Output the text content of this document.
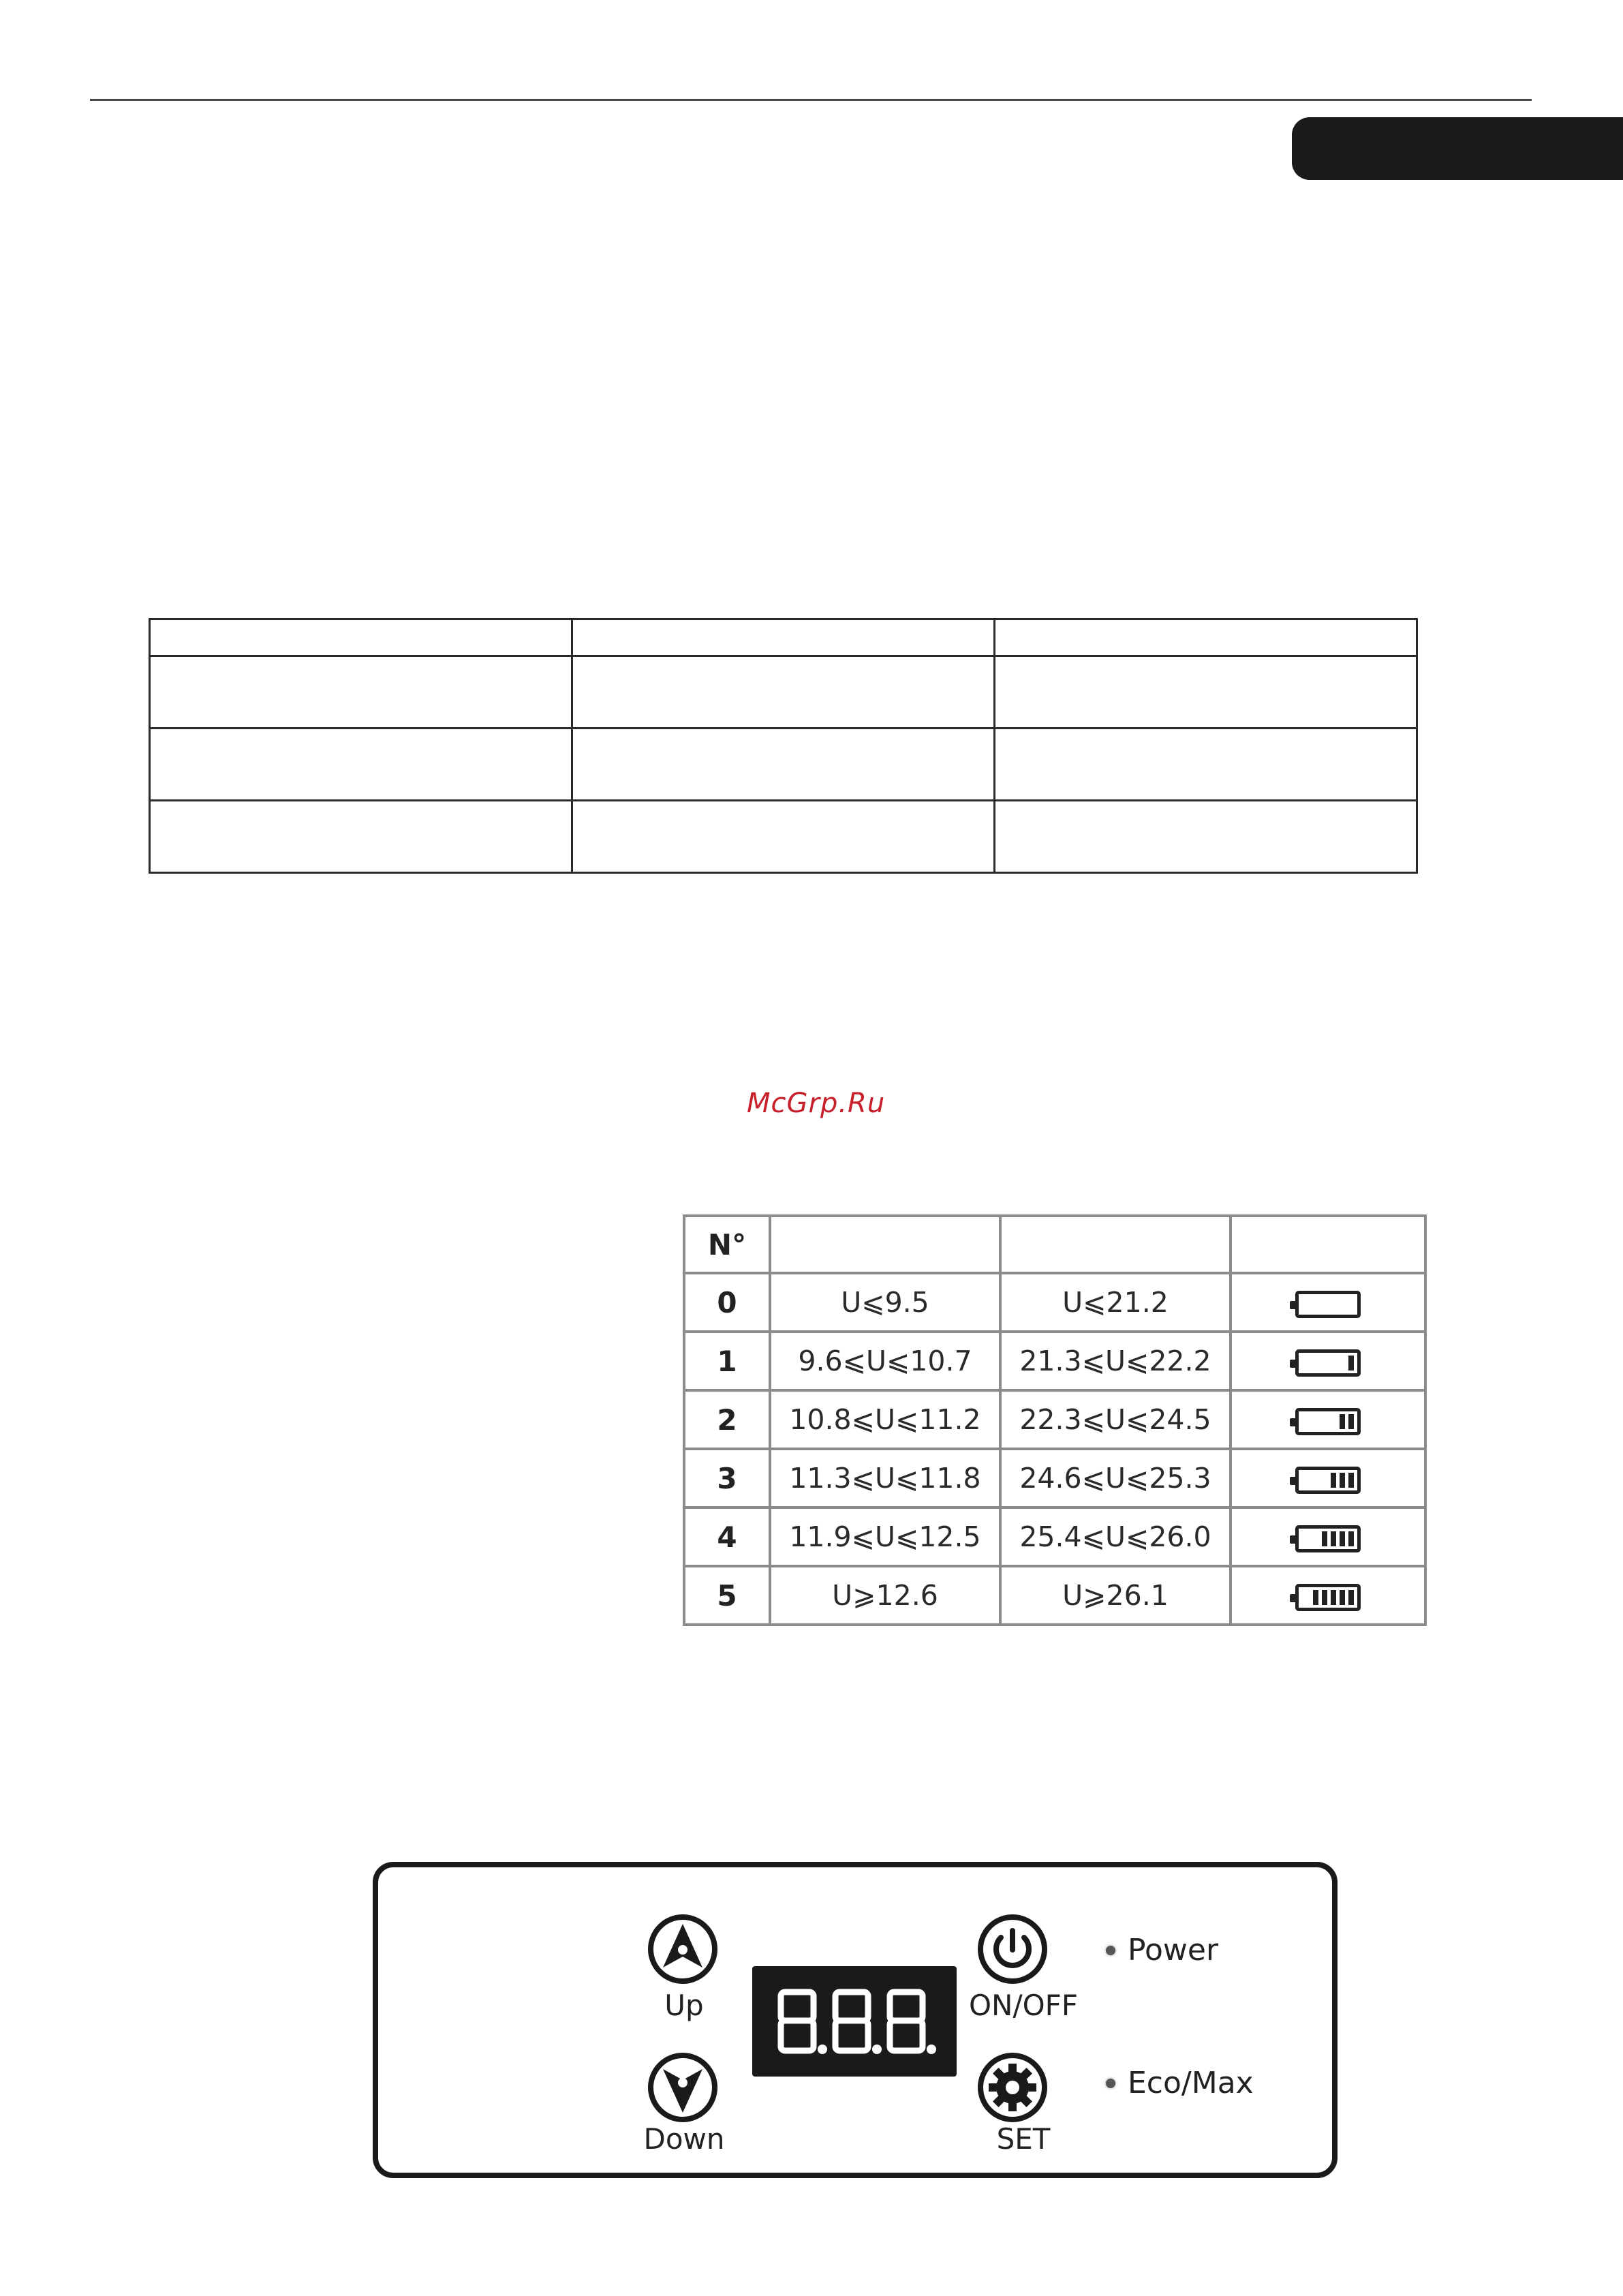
McGrp.Ru
N°			
0	U⩽9.5	U⩽21.2	

1	9.6⩽U⩽10.7	21.3⩽U⩽22.2	

2	10.8⩽U⩽11.2	22.3⩽U⩽24.5	

3	11.3⩽U⩽11.8	24.6⩽U⩽25.3	

4	11.9⩽U⩽12.5	25.4⩽U⩽26.0	

5	U⩾12.6	U⩾26.1	
Up
Down
ON/OFF
SET
Power
Eco/Max
